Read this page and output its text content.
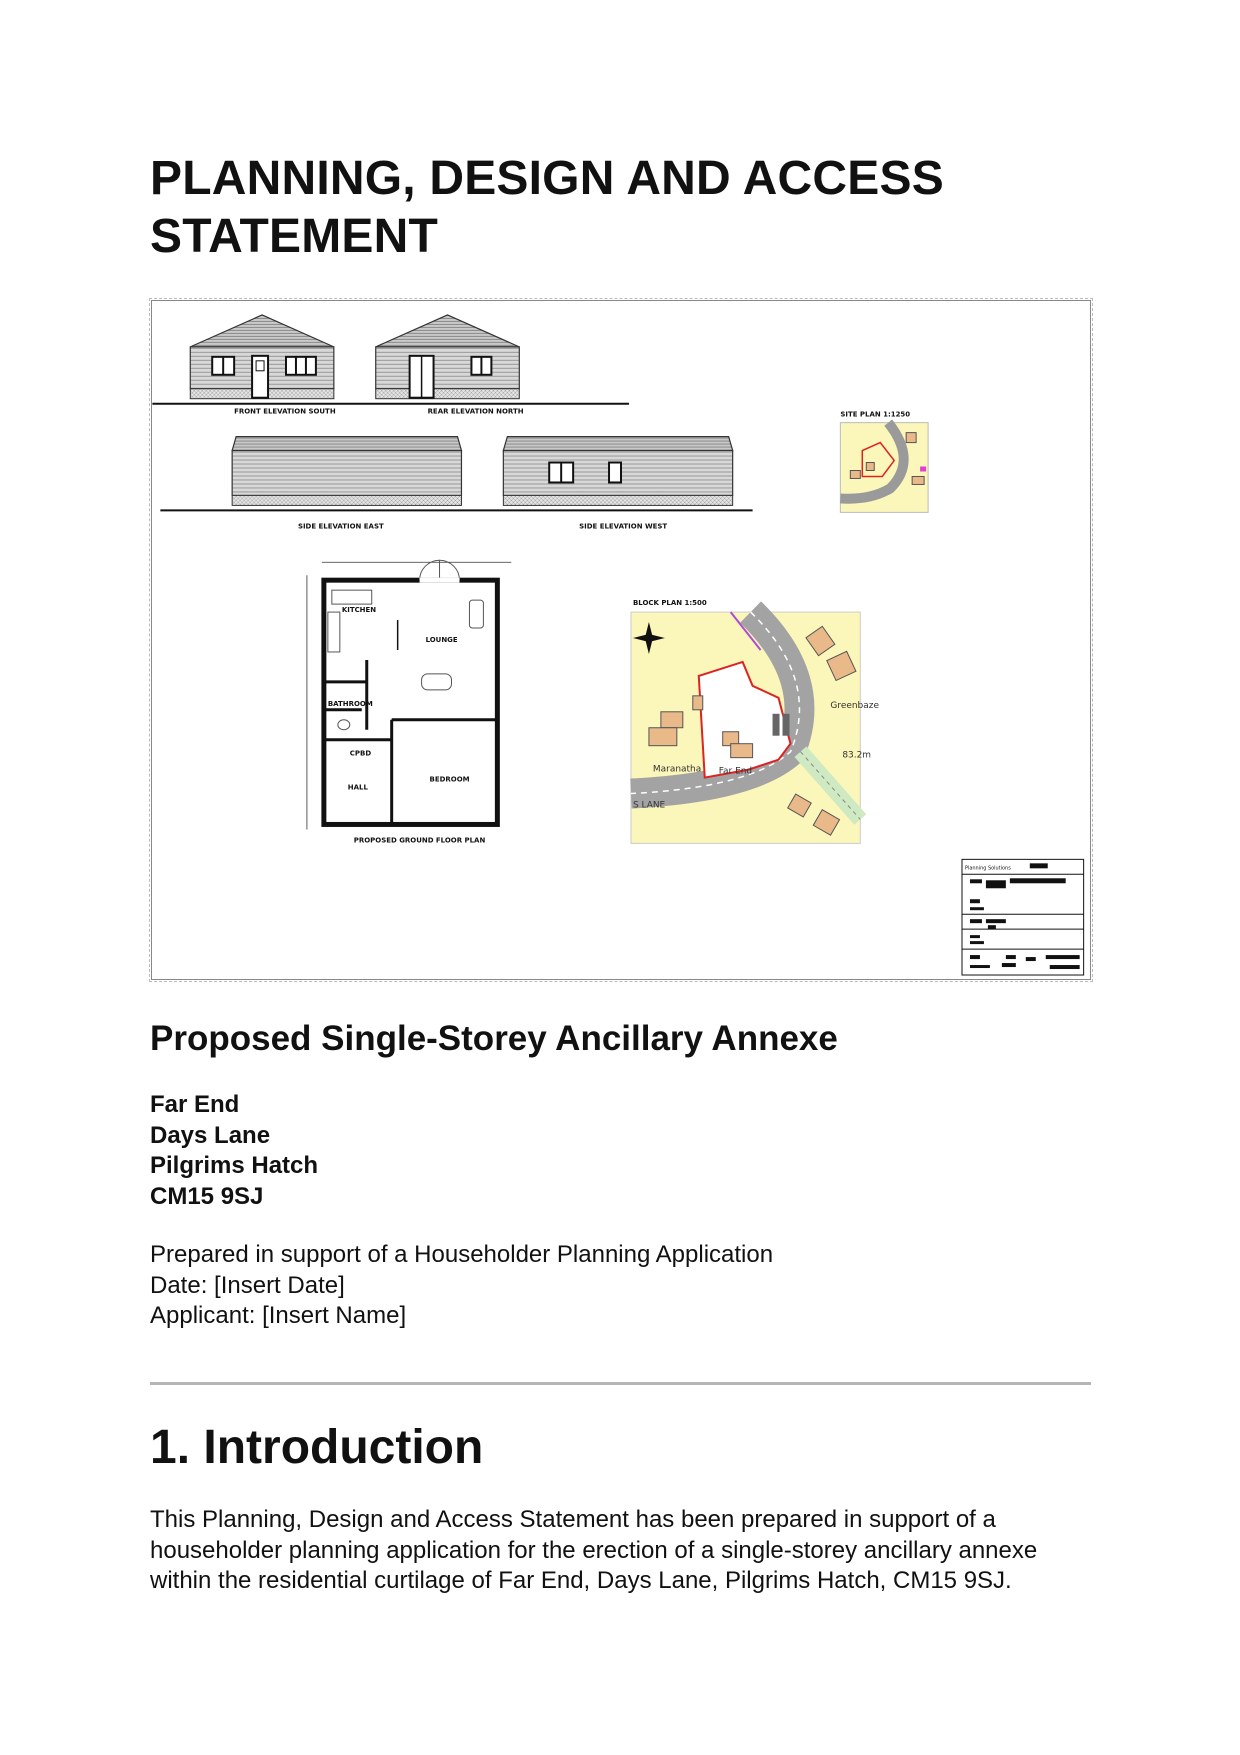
PLANNING, DESIGN AND ACCESS
STATEMENT
FRONT ELEVATION SOUTH	REAR ELEVATION NORTH
SIDE ELEVATION EAST	SIDE ELEVATION WEST
SITE PLAN 1:1250
BLOCK PLAN 1:500
Greenbaze
83.2m
Maranatha Far End
S LANE
KITCHEN
LOUNGE
BATHROOM
CPBD
HALL
BEDROOM
PROPOSED GROUND FLOOR PLAN
Planning Solutions
Proposed Single-Storey Ancillary Annexe
Far End
Days Lane
Pilgrims Hatch
CM15 9SJ
Prepared in support of a Householder Planning Application
Date: [Insert Date]
Applicant: [Insert Name]
1. Introduction
This Planning, Design and Access Statement has been prepared in support of a
householder planning application for the erection of a single-storey ancillary annexe
within the residential curtilage of Far End, Days Lane, Pilgrims Hatch, CM15 9SJ.
